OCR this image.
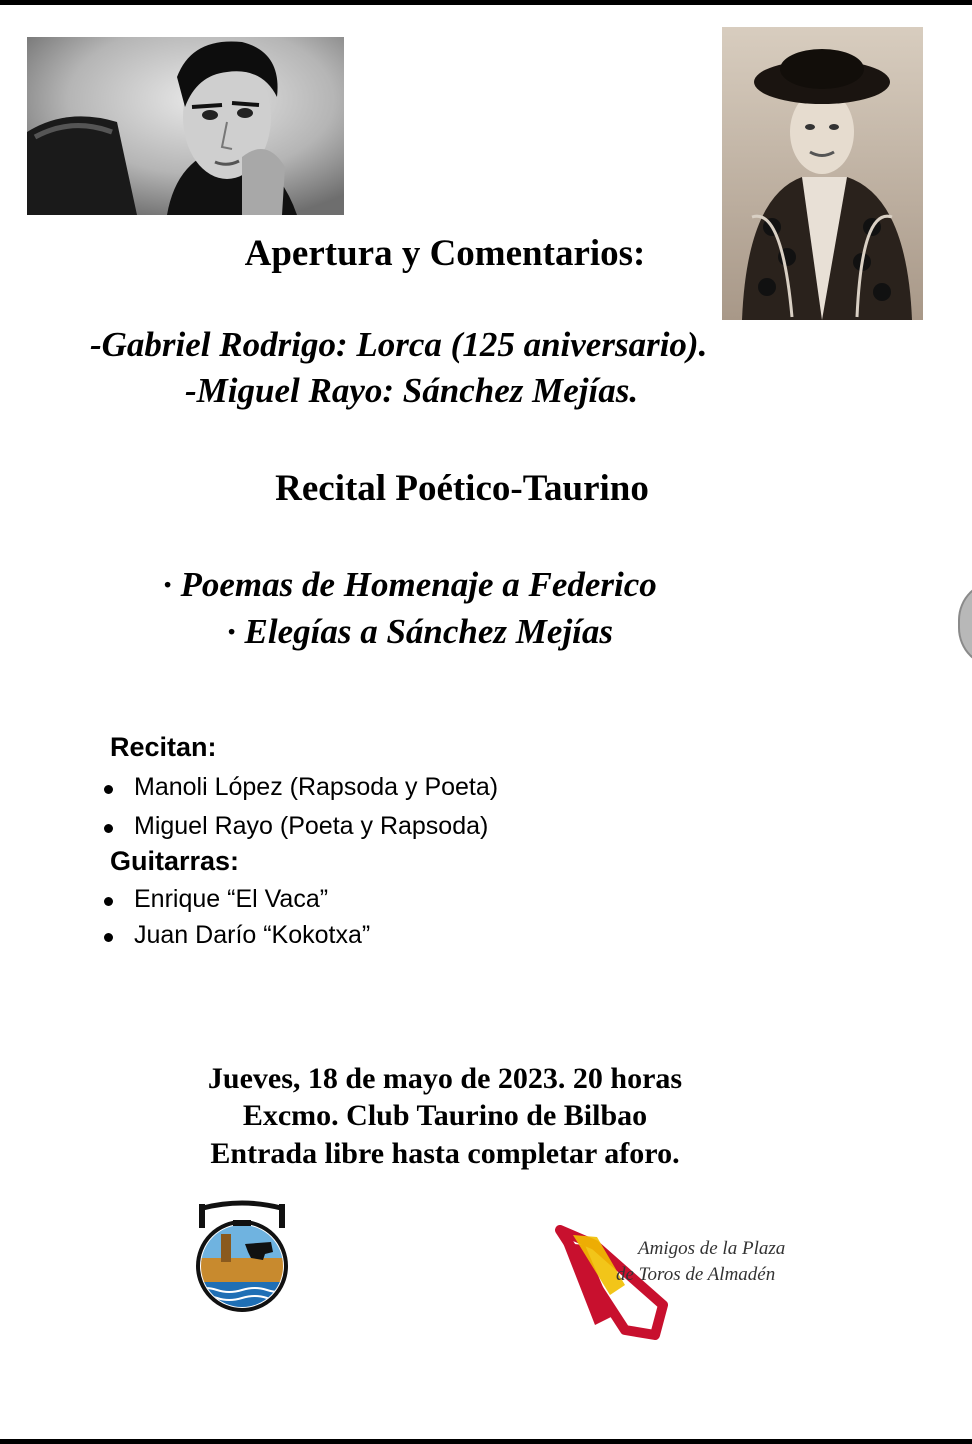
Apertura y Comentarios:
-Gabriel Rodrigo: Lorca (125 aniversario).
-Miguel Rayo: Sánchez Mejías.
Recital Poético-Taurino
· Poemas de Homenaje a Federico
· Elegías a Sánchez Mejías
Recitan:
Manoli López (Rapsoda y Poeta)
Miguel Rayo (Poeta y Rapsoda)
Guitarras:
Enrique “El Vaca”
Juan Darío “Kokotxa”
Jueves, 18 de mayo de 2023. 20 horas
Excmo. Club Taurino de Bilbao
Entrada libre hasta completar aforo.
Amigos de la Plaza
de Toros de Almadén
